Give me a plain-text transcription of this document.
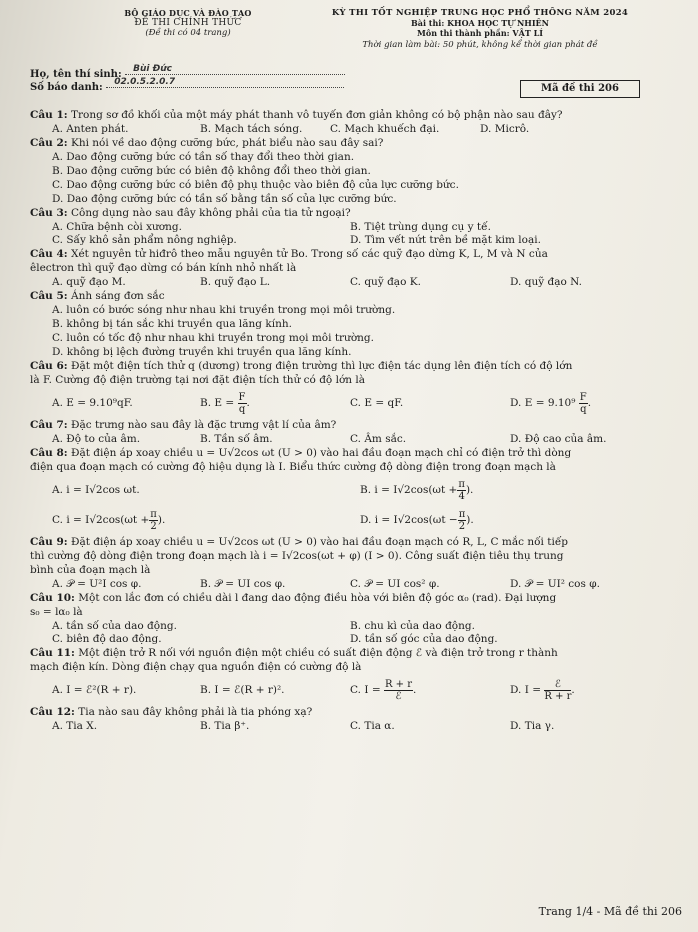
BỘ GIÁO DỤC VÀ ĐÀO TẠO
ĐỀ THI CHÍNH THỨC
(Đề thi có 04 trang)
KỲ THI TỐT NGHIỆP TRUNG HỌC PHỔ THÔNG NĂM 2024
Bài thi: KHOA HỌC TỰ NHIÊN
Môn thi thành phần: VẬT LÍ
Thời gian làm bài: 50 phút, không kể thời gian phát đề
Họ, tên thí sinh: Bùi Đức
Số báo danh: 02.0.5.2.0.7
Mã đề thi 206
Câu 1: Trong sơ đồ khối của một máy phát thanh vô tuyến đơn giản không có bộ phận nào sau đây?
A. Anten phát.	B. Mạch tách sóng.	C. Mạch khuếch đại.	D. Micrô.
Câu 2: Khi nói về dao động cưỡng bức, phát biểu nào sau đây sai?
A. Dao động cưỡng bức có tần số thay đổi theo thời gian.
B. Dao động cưỡng bức có biên độ không đổi theo thời gian.
C. Dao động cưỡng bức có biên độ phụ thuộc vào biên độ của lực cưỡng bức.
D. Dao động cưỡng bức có tần số bằng tần số của lực cưỡng bức.
Câu 3: Công dụng nào sau đây không phải của tia tử ngoại?
A. Chữa bệnh còi xương.	B. Tiệt trùng dụng cụ y tế.
C. Sấy khô sản phẩm nông nghiệp.	D. Tìm vết nứt trên bề mặt kim loại.
Câu 4: Xét nguyên tử hiđrô theo mẫu nguyên tử Bo. Trong số các quỹ đạo dừng K, L, M và N của
êlectron thì quỹ đạo dừng có bán kính nhỏ nhất là
A. quỹ đạo M.	B. quỹ đạo L.	C. quỹ đạo K.	D. quỹ đạo N.
Câu 5: Ánh sáng đơn sắc
A. luôn có bước sóng như nhau khi truyền trong mọi môi trường.
B. không bị tán sắc khi truyền qua lăng kính.
C. luôn có tốc độ như nhau khi truyền trong mọi môi trường.
D. không bị lệch đường truyền khi truyền qua lăng kính.
Câu 6: Đặt một điện tích thử q (dương) trong điện trường thì lực điện tác dụng lên điện tích có độ lớn
là F. Cường độ điện trường tại nơi đặt điện tích thử có độ lớn là
A. E = 9.10⁹qF.	B. $E = \frac{F}{q}$ .	C. E = qF.	D. $E = 9.10^9 \frac{F}{q}$ .
Câu 7: Đặc trưng nào sau đây là đặc trưng vật lí của âm?
A. Độ to của âm.	B. Tần số âm.	C. Âm sắc.	D. Độ cao của âm.
Câu 8: Đặt điện áp xoay chiều u = U√2cos ωt (U > 0) vào hai đầu đoạn mạch chỉ có điện trở thì dòng
điện qua đoạn mạch có cường độ hiệu dụng là I. Biểu thức cường độ dòng điện trong đoạn mạch là
A. i = I√2cos ωt.	B. $i = I√2\cos(\omega t + \frac{\pi}{4}$ ).
C. $i = I√2\cos(\omega t + \frac{\pi}{2}$ ).	D. $i = I√2\cos(\omega t - \frac{\pi}{2}$ ).
Câu 9: Đặt điện áp xoay chiều u = U√2cos ωt (U > 0) vào hai đầu đoạn mạch có R, L, C mắc nối tiếp
thì cường độ dòng điện trong đoạn mạch là i = I√2cos(ωt + φ) (I > 0). Công suất điện tiêu thụ trung
bình của đoạn mạch là
A. 𝒫 = U²I cos φ.	B. 𝒫 = UI cos φ.	C. 𝒫 = UI cos² φ.	D. 𝒫 = UI² cos φ.
Câu 10: Một con lắc đơn có chiều dài l đang dao động điều hòa với biên độ góc α₀ (rad). Đại lượng
s₀ = lα₀ là
A. tần số của dao động.	B. chu kì của dao động.
C. biên độ dao động.	D. tần số góc của dao động.
Câu 11: Một điện trở R nối với nguồn điện một chiều có suất điện động ℰ và điện trở trong r thành
mạch điện kín. Dòng điện chạy qua nguồn điện có cường độ là
A. I = ℰ²(R + r).	B. I = ℰ(R + r)².	C. $I = \frac{R + r}{\text{ℰ}}$ .	D. $I = \frac{\text{ℰ}}{R + r}$ .
Câu 12: Tia nào sau đây không phải là tia phóng xạ?
A. Tia X.	B. Tia β⁺.	C. Tia α.	D. Tia γ.
Trang 1/4 - Mã đề thi 206
